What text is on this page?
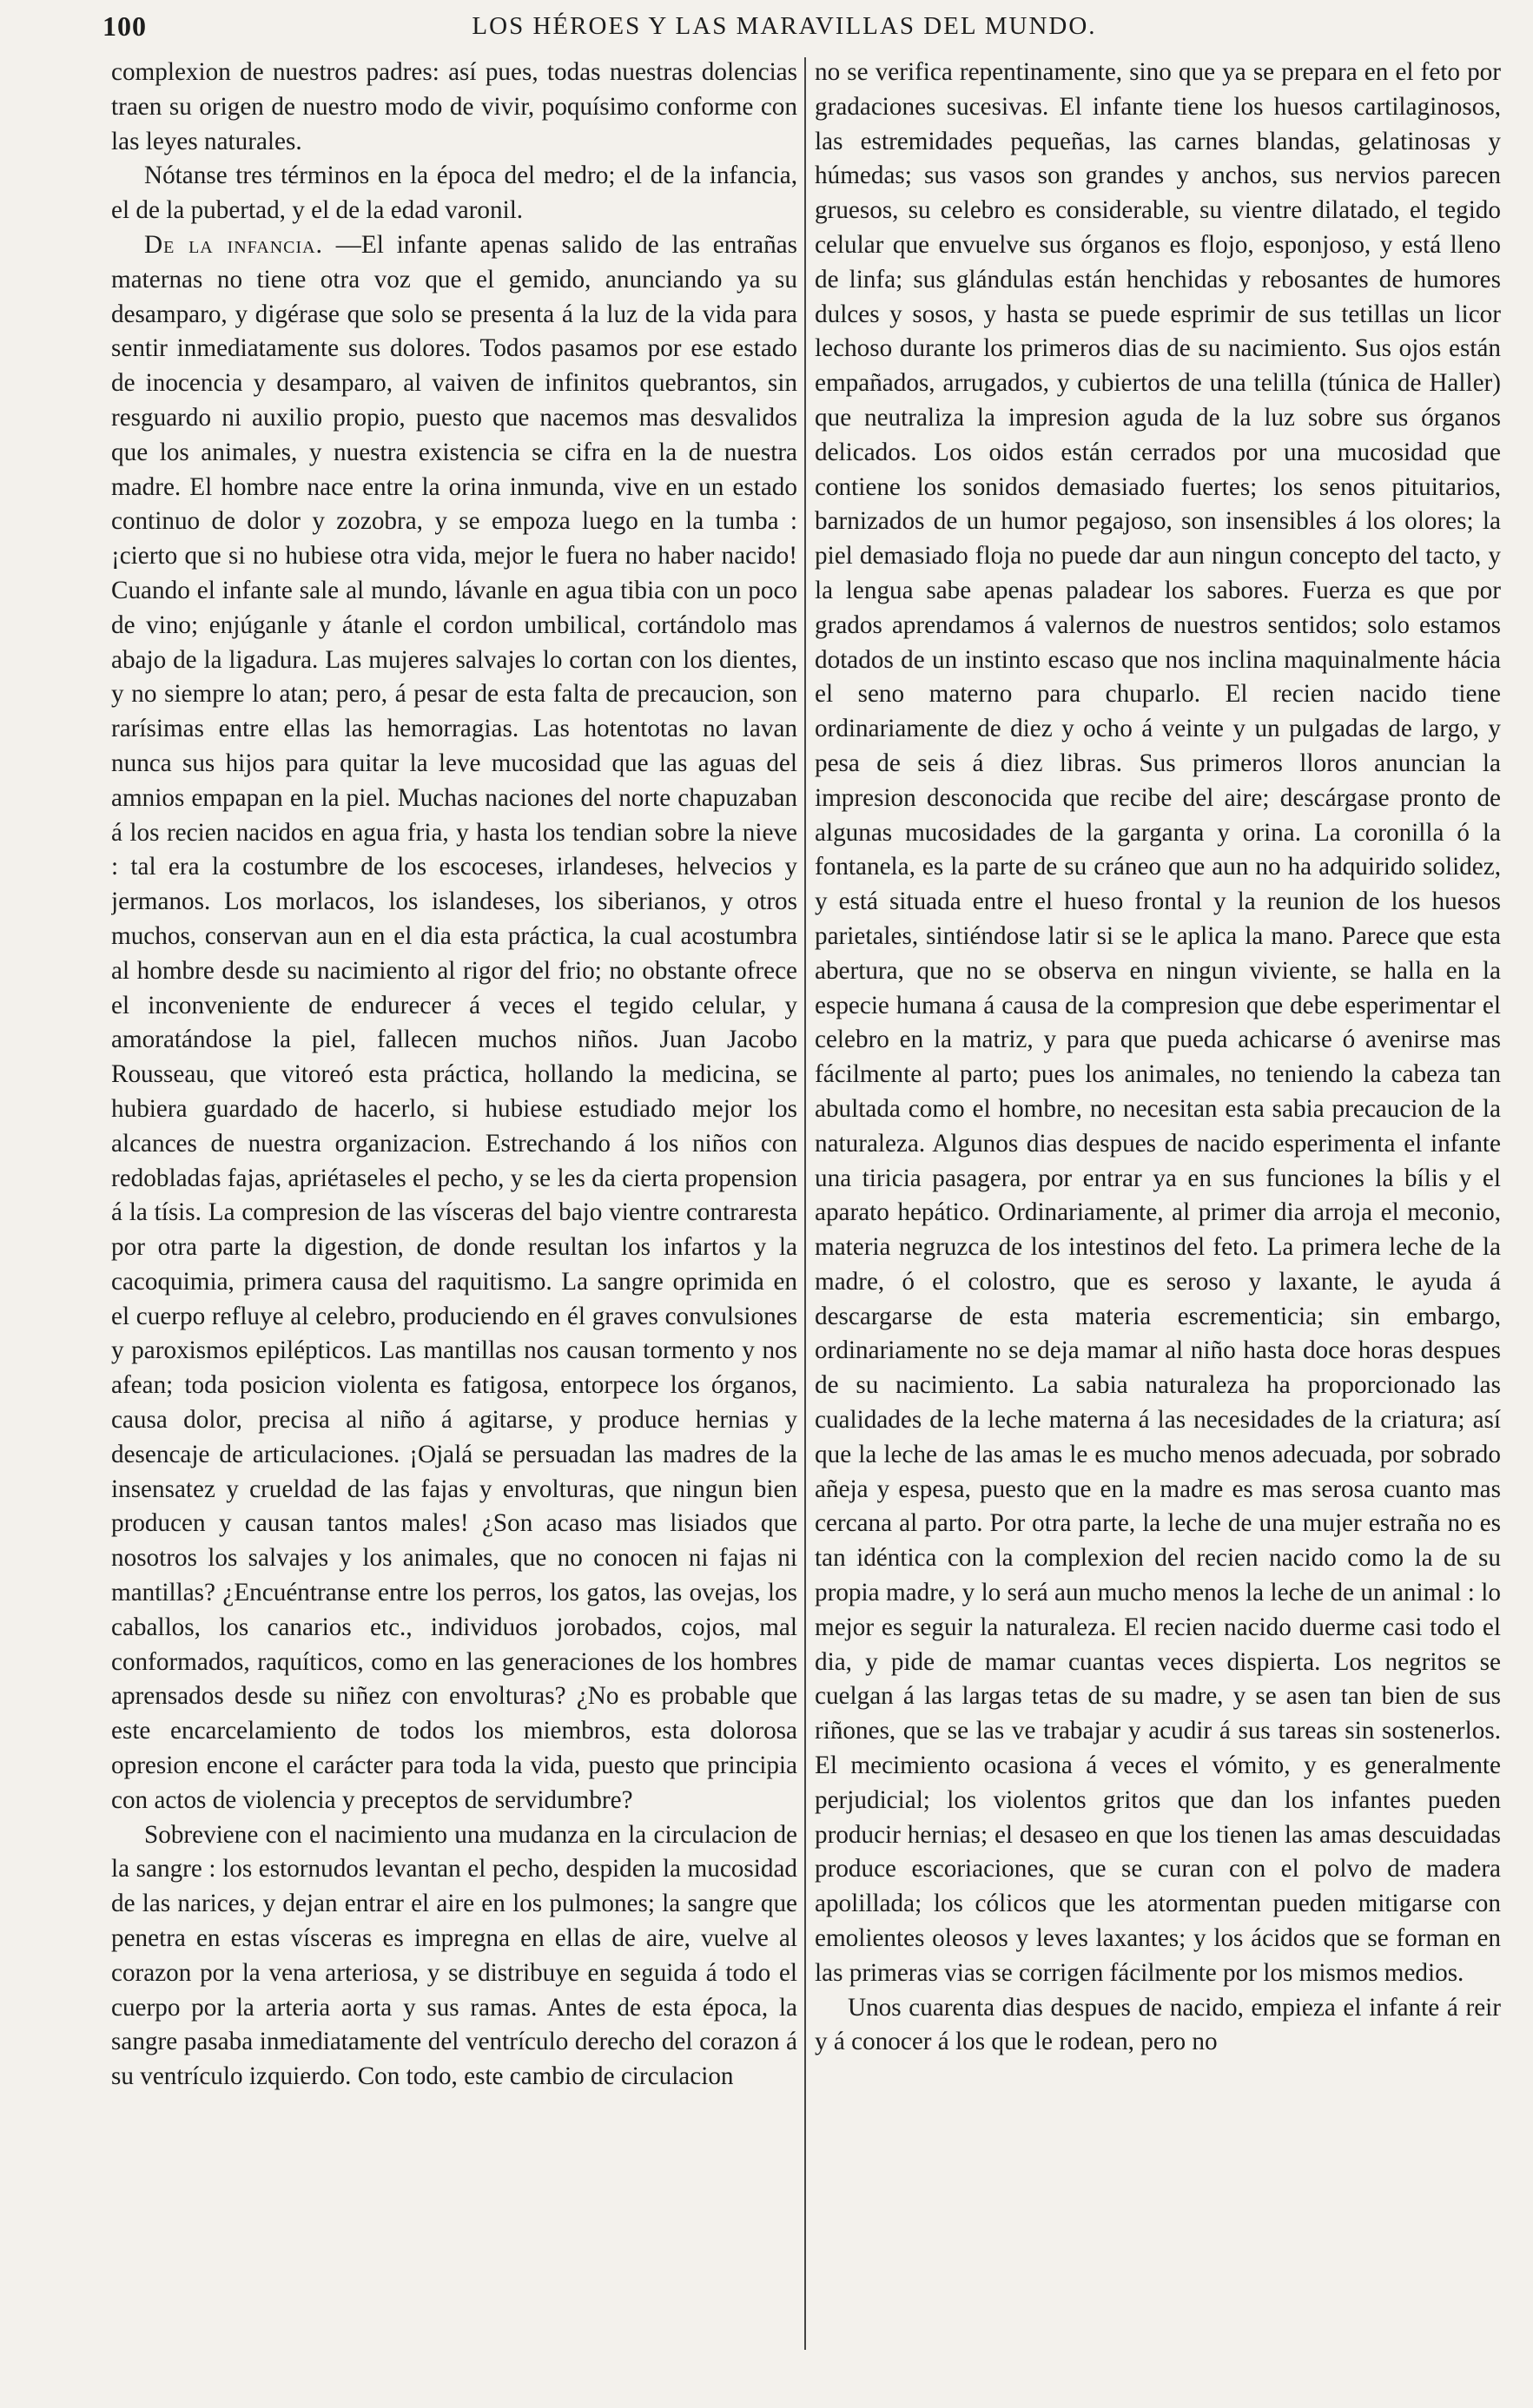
100	LOS HÉROES Y LAS MARAVILLAS DEL MUNDO.

complexion de nuestros padres: así pues, todas nuestras dolencias traen su origen de nuestro modo de vivir, poquísimo conforme con las leyes naturales.

Nótanse tres términos en la época del medro; el de la infancia, el de la pubertad, y el de la edad varonil.

De la infancia. —El infante apenas salido de las entrañas maternas no tiene otra voz que el gemido, anunciando ya su desamparo, y digérase que solo se presenta á la luz de la vida para sentir inmediatamente sus dolores. Todos pasamos por ese estado de inocencia y desamparo, al vaiven de infinitos quebrantos, sin resguardo ni auxilio propio, puesto que nacemos mas desvalidos que los animales, y nuestra existencia se cifra en la de nuestra madre. El hombre nace entre la orina inmunda, vive en un estado continuo de dolor y zozobra, y se empoza luego en la tumba : ¡cierto que si no hubiese otra vida, mejor le fuera no haber nacido! Cuando el infante sale al mundo, lávanle en agua tibia con un poco de vino; enjúganle y átanle el cordon umbilical, cortándolo mas abajo de la ligadura. Las mujeres salvajes lo cortan con los dientes, y no siempre lo atan; pero, á pesar de esta falta de precaucion, son rarísimas entre ellas las hemorragias. Las hotentotas no lavan nunca sus hijos para quitar la leve mucosidad que las aguas del amnios empapan en la piel. Muchas naciones del norte chapuzaban á los recien nacidos en agua fria, y hasta los tendian sobre la nieve : tal era la costumbre de los escoceses, irlandeses, helvecios y jermanos. Los morlacos, los islandeses, los siberianos, y otros muchos, conservan aun en el dia esta práctica, la cual acostumbra al hombre desde su nacimiento al rigor del frio; no obstante ofrece el inconveniente de endurecer á veces el tegido celular, y amoratándose la piel, fallecen muchos niños. Juan Jacobo Rousseau, que vitoreó esta práctica, hollando la medicina, se hubiera guardado de hacerlo, si hubiese estudiado mejor los alcances de nuestra organizacion. Estrechando á los niños con redobladas fajas, apriétaseles el pecho, y se les da cierta propension á la tísis. La compresion de las vísceras del bajo vientre contraresta por otra parte la digestion, de donde resultan los infartos y la cacoquimia, primera causa del raquitismo. La sangre oprimida en el cuerpo refluye al celebro, produciendo en él graves convulsiones y paroxismos epilépticos. Las mantillas nos causan tormento y nos afean; toda posicion violenta es fatigosa, entorpece los órganos, causa dolor, precisa al niño á agitarse, y produce hernias y desencaje de articulaciones. ¡Ojalá se persuadan las madres de la insensatez y crueldad de las fajas y envolturas, que ningun bien producen y causan tantos males! ¿Son acaso mas lisiados que nosotros los salvajes y los animales, que no conocen ni fajas ni mantillas? ¿Encuéntranse entre los perros, los gatos, las ovejas, los caballos, los canarios etc., individuos jorobados, cojos, mal conformados, raquíticos, como en las generaciones de los hombres aprensados desde su niñez con envolturas? ¿No es probable que este encarcelamiento de todos los miembros, esta dolorosa opresion encone el carácter para toda la vida, puesto que principia con actos de violencia y preceptos de servidumbre?

Sobreviene con el nacimiento una mudanza en la circulacion de la sangre : los estornudos levantan el pecho, despiden la mucosidad de las narices, y dejan entrar el aire en los pulmones; la sangre que penetra en estas vísceras es impregna en ellas de aire, vuelve al corazon por la vena arteriosa, y se distribuye en seguida á todo el cuerpo por la arteria aorta y sus ramas. Antes de esta época, la sangre pasaba inmediatamente del ventrículo derecho del corazon á su ventrículo izquierdo. Con todo, este cambio de circulacion

no se verifica repentinamente, sino que ya se prepara en el feto por gradaciones sucesivas. El infante tiene los huesos cartilaginosos, las estremidades pequeñas, las carnes blandas, gelatinosas y húmedas; sus vasos son grandes y anchos, sus nervios parecen gruesos, su celebro es considerable, su vientre dilatado, el tegido celular que envuelve sus órganos es flojo, esponjoso, y está lleno de linfa; sus glándulas están henchidas y rebosantes de humores dulces y sosos, y hasta se puede esprimir de sus tetillas un licor lechoso durante los primeros dias de su nacimiento. Sus ojos están empañados, arrugados, y cubiertos de una telilla (túnica de Haller) que neutraliza la impresion aguda de la luz sobre sus órganos delicados. Los oidos están cerrados por una mucosidad que contiene los sonidos demasiado fuertes; los senos pituitarios, barnizados de un humor pegajoso, son insensibles á los olores; la piel demasiado floja no puede dar aun ningun concepto del tacto, y la lengua sabe apenas paladear los sabores. Fuerza es que por grados aprendamos á valernos de nuestros sentidos; solo estamos dotados de un instinto escaso que nos inclina maquinalmente hácia el seno materno para chuparlo. El recien nacido tiene ordinariamente de diez y ocho á veinte y un pulgadas de largo, y pesa de seis á diez libras. Sus primeros lloros anuncian la impresion desconocida que recibe del aire; descárgase pronto de algunas mucosidades de la garganta y orina. La coronilla ó la fontanela, es la parte de su cráneo que aun no ha adquirido solidez, y está situada entre el hueso frontal y la reunion de los huesos parietales, sintiéndose latir si se le aplica la mano. Parece que esta abertura, que no se observa en ningun viviente, se halla en la especie humana á causa de la compresion que debe esperimentar el celebro en la matriz, y para que pueda achicarse ó avenirse mas fácilmente al parto; pues los animales, no teniendo la cabeza tan abultada como el hombre, no necesitan esta sabia precaucion de la naturaleza. Algunos dias despues de nacido esperimenta el infante una tiricia pasagera, por entrar ya en sus funciones la bílis y el aparato hepático. Ordinariamente, al primer dia arroja el meconio, materia negruzca de los intestinos del feto. La primera leche de la madre, ó el colostro, que es seroso y laxante, le ayuda á descargarse de esta materia escrementicia; sin embargo, ordinariamente no se deja mamar al niño hasta doce horas despues de su nacimiento. La sabia naturaleza ha proporcionado las cualidades de la leche materna á las necesidades de la criatura; así que la leche de las amas le es mucho menos adecuada, por sobrado añeja y espesa, puesto que en la madre es mas serosa cuanto mas cercana al parto. Por otra parte, la leche de una mujer estraña no es tan idéntica con la complexion del recien nacido como la de su propia madre, y lo será aun mucho menos la leche de un animal : lo mejor es seguir la naturaleza. El recien nacido duerme casi todo el dia, y pide de mamar cuantas veces dispierta. Los negritos se cuelgan á las largas tetas de su madre, y se asen tan bien de sus riñones, que se las ve trabajar y acudir á sus tareas sin sostenerlos. El mecimiento ocasiona á veces el vómito, y es generalmente perjudicial; los violentos gritos que dan los infantes pueden producir hernias; el desaseo en que los tienen las amas descuidadas produce escoriaciones, que se curan con el polvo de madera apolillada; los cólicos que les atormentan pueden mitigarse con emolientes oleosos y leves laxantes; y los ácidos que se forman en las primeras vias se corrigen fácilmente por los mismos medios.

Unos cuarenta dias despues de nacido, empieza el infante á reir y á conocer á los que le rodean, pero no
